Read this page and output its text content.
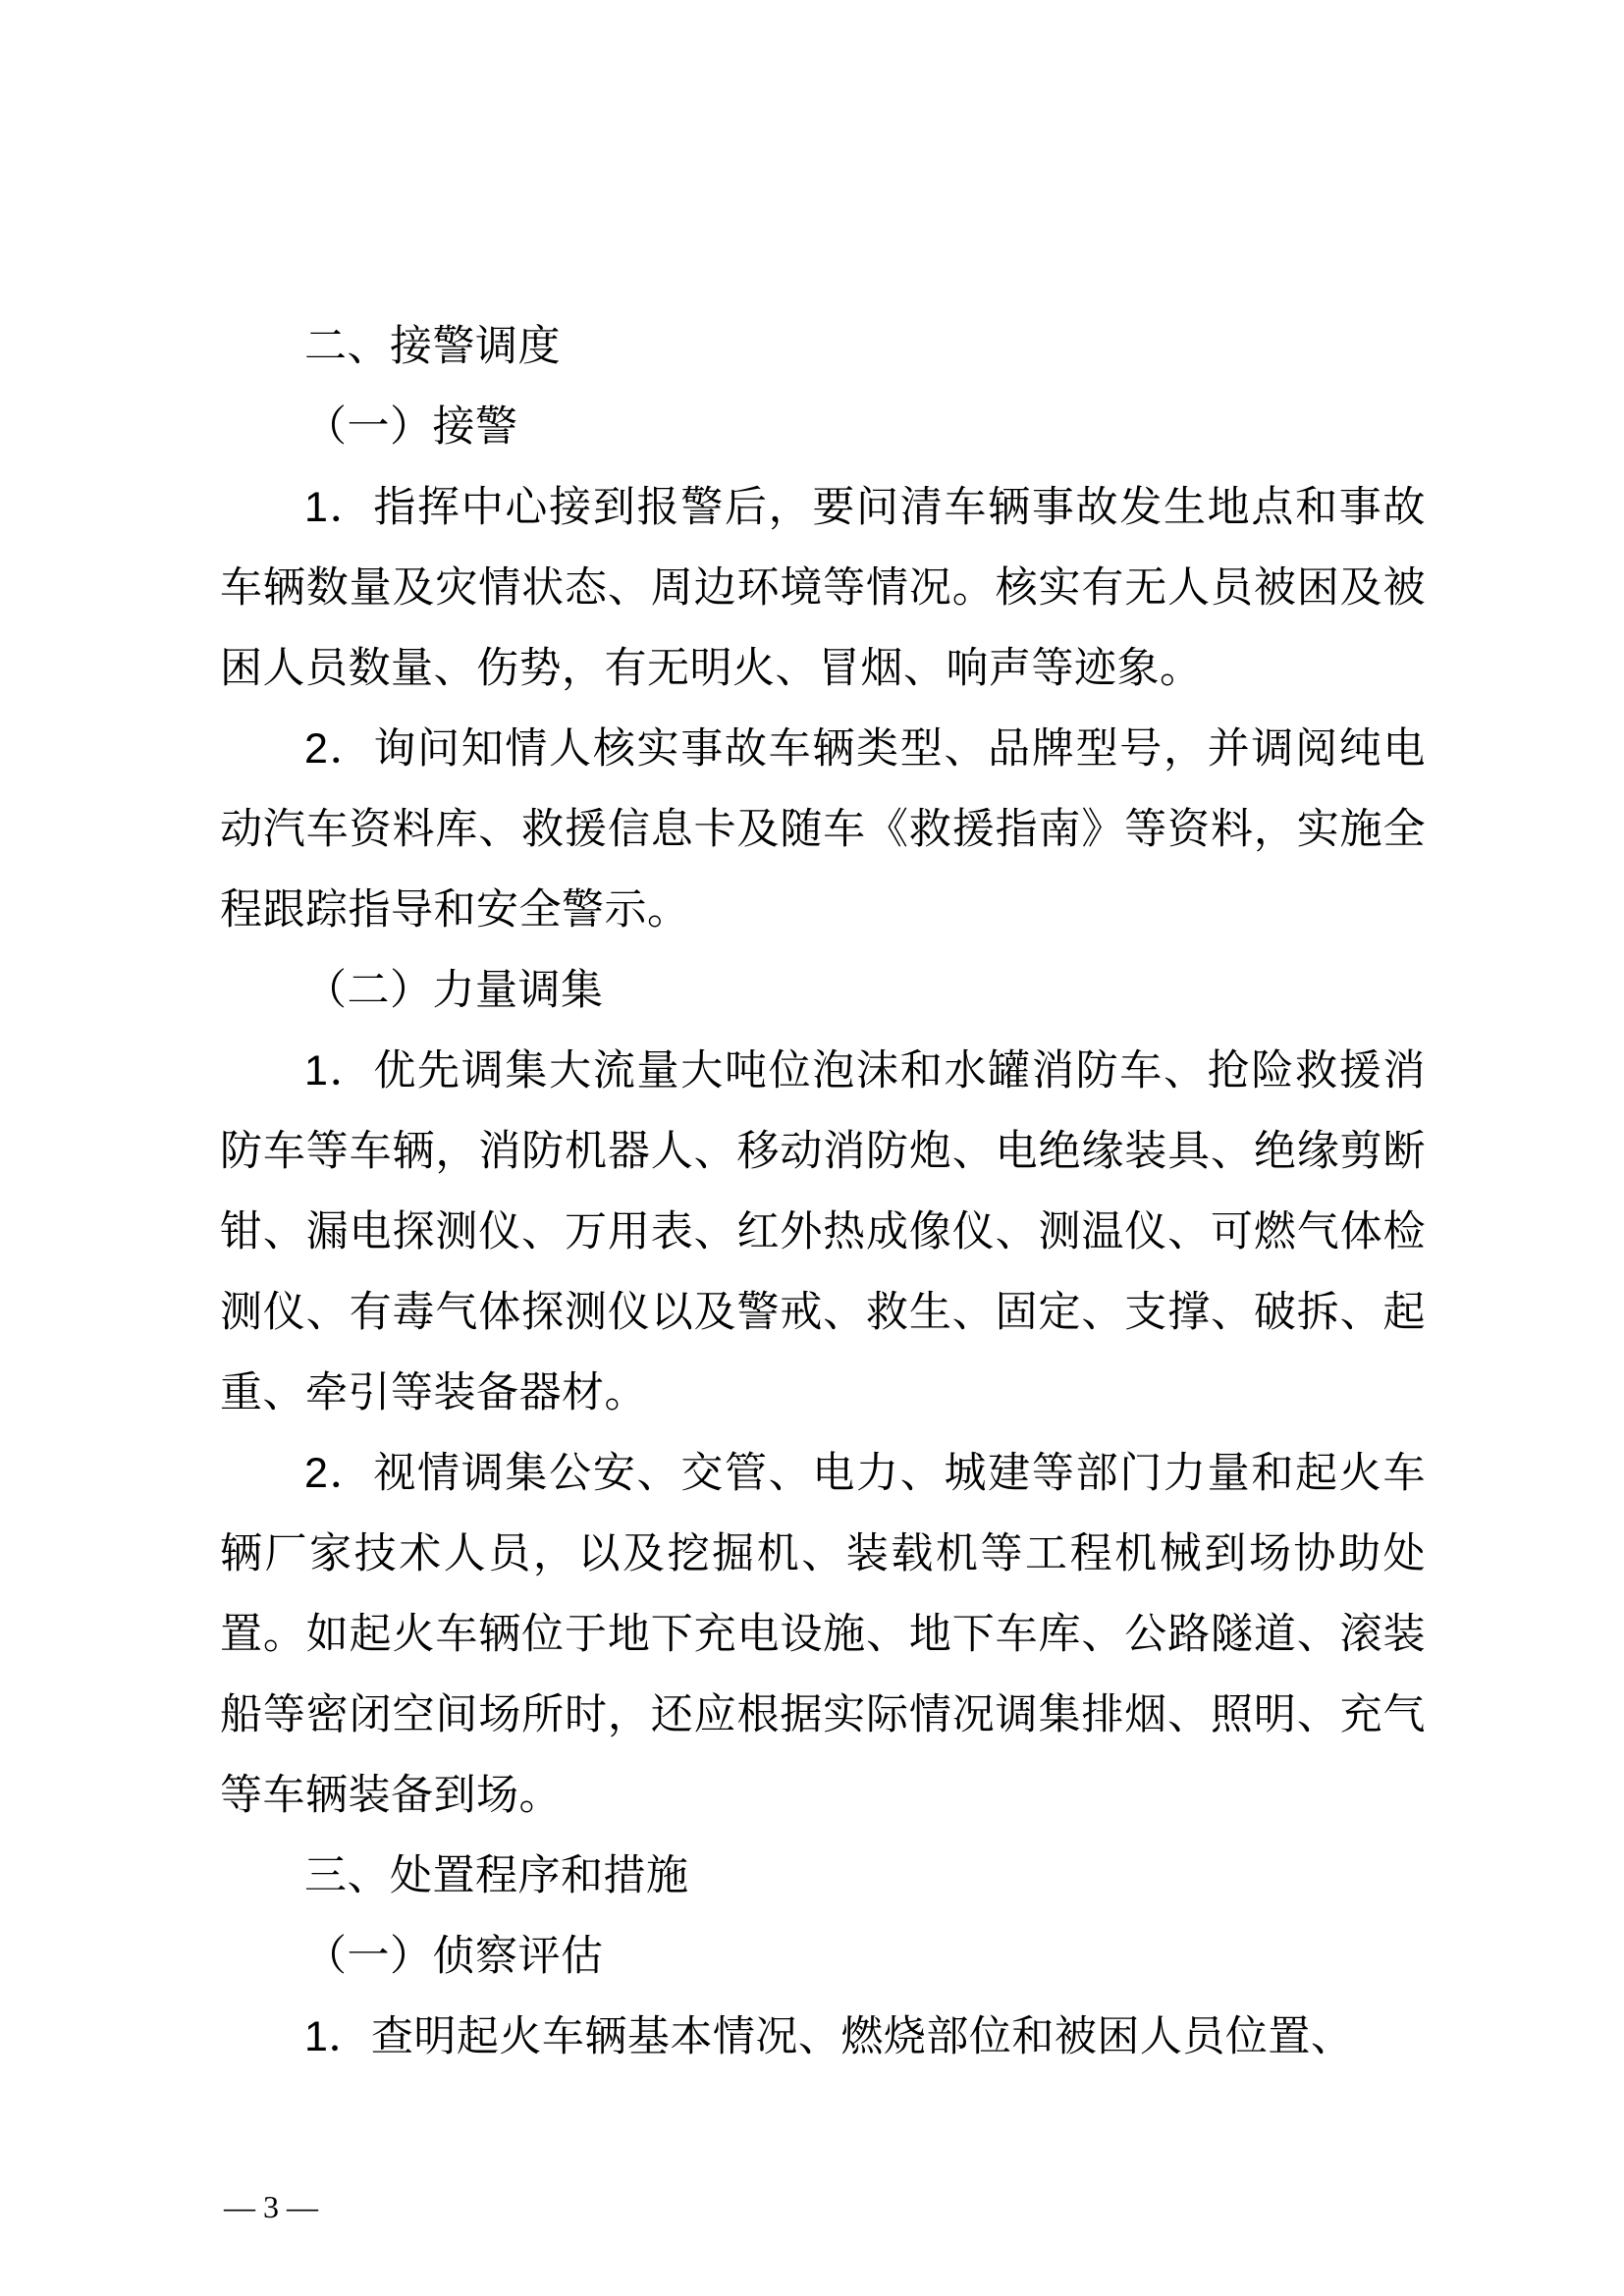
二、接警调度

（一）接警

1．指挥中心接到报警后，要问清车辆事故发生地点和事故车辆数量及灾情状态、周边环境等情况。核实有无人员被困及被困人员数量、伤势，有无明火、冒烟、响声等迹象。

2．询问知情人核实事故车辆类型、品牌型号，并调阅纯电动汽车资料库、救援信息卡及随车《救援指南》等资料，实施全程跟踪指导和安全警示。

（二）力量调集

1．优先调集大流量大吨位泡沫和水罐消防车、抢险救援消防车等车辆，消防机器人、移动消防炮、电绝缘装具、绝缘剪断钳、漏电探测仪、万用表、红外热成像仪、测温仪、可燃气体检测仪、有毒气体探测仪以及警戒、救生、固定、支撑、破拆、起重、牵引等装备器材。

2．视情调集公安、交管、电力、城建等部门力量和起火车辆厂家技术人员，以及挖掘机、装载机等工程机械到场协助处置。如起火车辆位于地下充电设施、地下车库、公路隧道、滚装船等密闭空间场所时，还应根据实际情况调集排烟、照明、充气等车辆装备到场。

三、处置程序和措施

（一）侦察评估

1．查明起火车辆基本情况、燃烧部位和被困人员位置、

— 3 —
